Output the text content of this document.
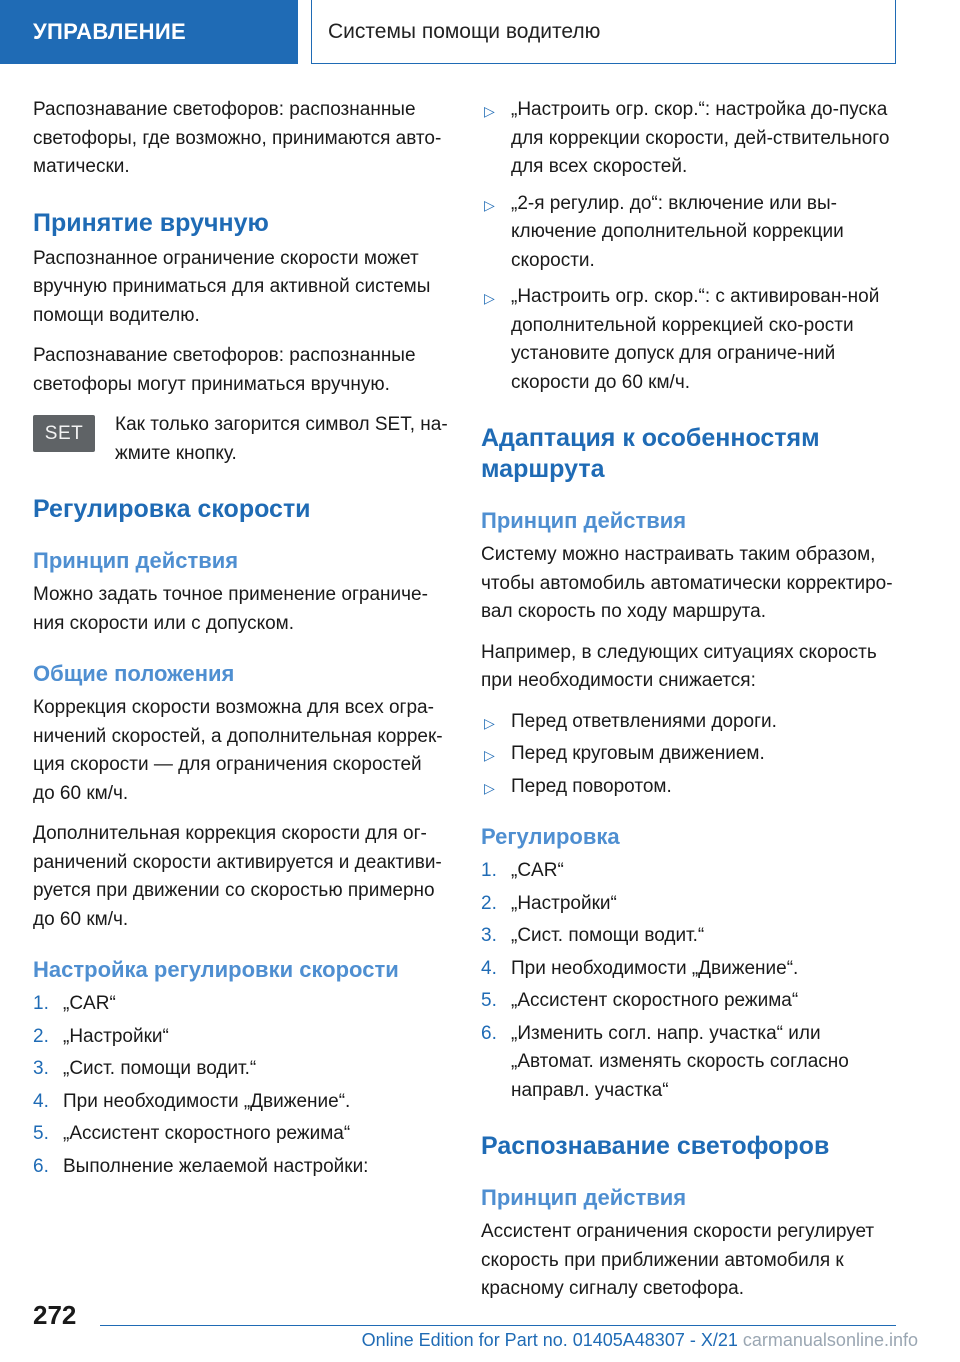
УПРАВЛЕНИЕ	Системы помощи водителю

Распознавание светофоров: распознанные светофоры, где возможно, принимаются авто-матически.

Принятие вручную

Распознанное ограничение скорости может вручную приниматься для активной системы помощи водителю.

Распознавание светофоров: распознанные светофоры могут приниматься вручную.

SET	Как только загорится символ SET, на-жмите кнопку.

Регулировка скорости
Принцип действия

Можно задать точное применение ограниче-ния скорости или с допуском.

Общие положения

Коррекция скорости возможна для всех огра-ничений скоростей, а дополнительная коррек-ция скорости — для ограничения скоростей до 60 км/ч.

Дополнительная коррекция скорости для ог-раничений скорости активируется и деактиви-руется при движении со скоростью примерно до 60 км/ч.

Настройка регулировки скорости
1. „CAR“
2. „Настройки“
3. „Сист. помощи водит.“
4. При необходимости „Движение“.
5. „Ассистент скоростного режима“
6. Выполнение желаемой настройки:
▷ „Настроить огр. скор.“: настройка до-пуска для коррекции скорости, дей-ствительного для всех скоростей.
▷ „2-я регулир. до“: включение или вы-ключение дополнительной коррекции скорости.
▷ „Настроить огр. скор.“: с активирован-ной дополнительной коррекцией ско-рости установите допуск для ограниче-ний скорости до 60 км/ч.
Адаптация к особенностям маршрута
Принцип действия

Систему можно настраивать таким образом, чтобы автомобиль автоматически корректиро-вал скорость по ходу маршрута.

Например, в следующих ситуациях скорость при необходимости снижается:

▷ Перед ответвлениями дороги.
▷ Перед круговым движением.
▷ Перед поворотом.
Регулировка
1. „CAR“
2. „Настройки“
3. „Сист. помощи водит.“
4. При необходимости „Движение“.
5. „Ассистент скоростного режима“
6. „Изменить согл. напр. участка“ или „Автомат. изменять скорость согласно направл. участка“
Распознавание светофоров
Принцип действия

Ассистент ограничения скорости регулирует скорость при приближении автомобиля к красному сигналу светофора.

272
Online Edition for Part no. 01405A48307 - X/21 carmanualsonline.info
